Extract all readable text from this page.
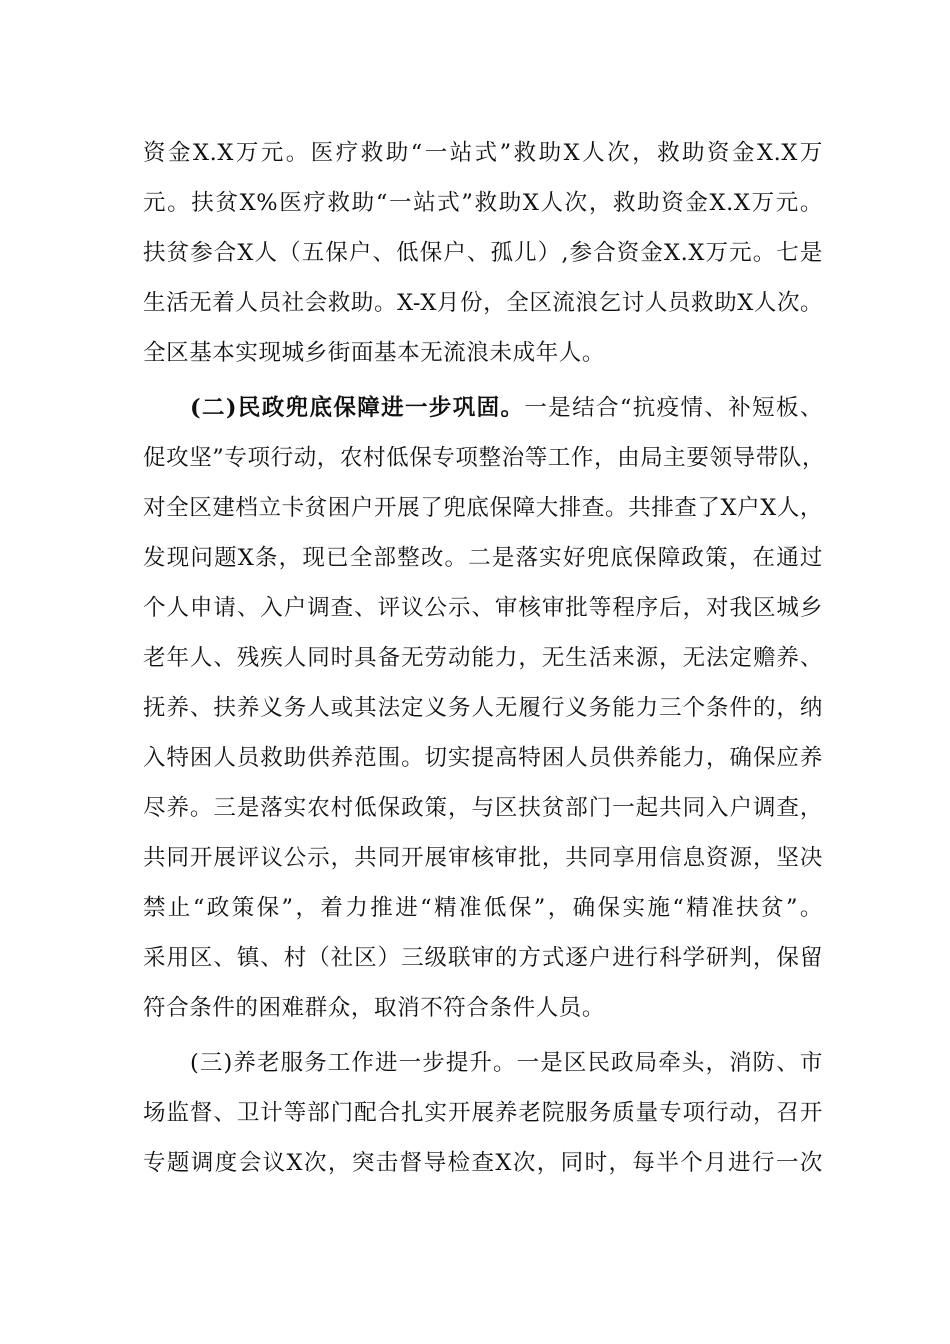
资金X.X万元。医疗救助“一站式”救助X人次，救助资金X.X万
元。扶贫X%医疗救助“一站式”救助X人次，救助资金X.X万元。
扶贫参合X人（五保户、低保户、孤儿）,参合资金X.X万元。七是
生活无着人员社会救助。X-X月份，全区流浪乞讨人员救助X人次。
全区基本实现城乡街面基本无流浪未成年人。
(二)民政兜底保障进一步巩固。一是结合“抗疫情、补短板、
促攻坚”专项行动，农村低保专项整治等工作，由局主要领导带队，
对全区建档立卡贫困户开展了兜底保障大排查。共排查了X户X人，
发现问题X条，现已全部整改。二是落实好兜底保障政策，在通过
个人申请、入户调查、评议公示、审核审批等程序后，对我区城乡
老年人、残疾人同时具备无劳动能力，无生活来源，无法定赡养、
抚养、扶养义务人或其法定义务人无履行义务能力三个条件的，纳
入特困人员救助供养范围。切实提高特困人员供养能力，确保应养
尽养。三是落实农村低保政策，与区扶贫部门一起共同入户调查，
共同开展评议公示，共同开展审核审批，共同享用信息资源，坚决
禁止“政策保”，着力推进“精准低保”，确保实施“精准扶贫”。
采用区、镇、村（社区）三级联审的方式逐户进行科学研判，保留
符合条件的困难群众，取消不符合条件人员。
(三)养老服务工作进一步提升。一是区民政局牵头，消防、市
场监督、卫计等部门配合扎实开展养老院服务质量专项行动，召开
专题调度会议X次，突击督导检查X次，同时，每半个月进行一次
